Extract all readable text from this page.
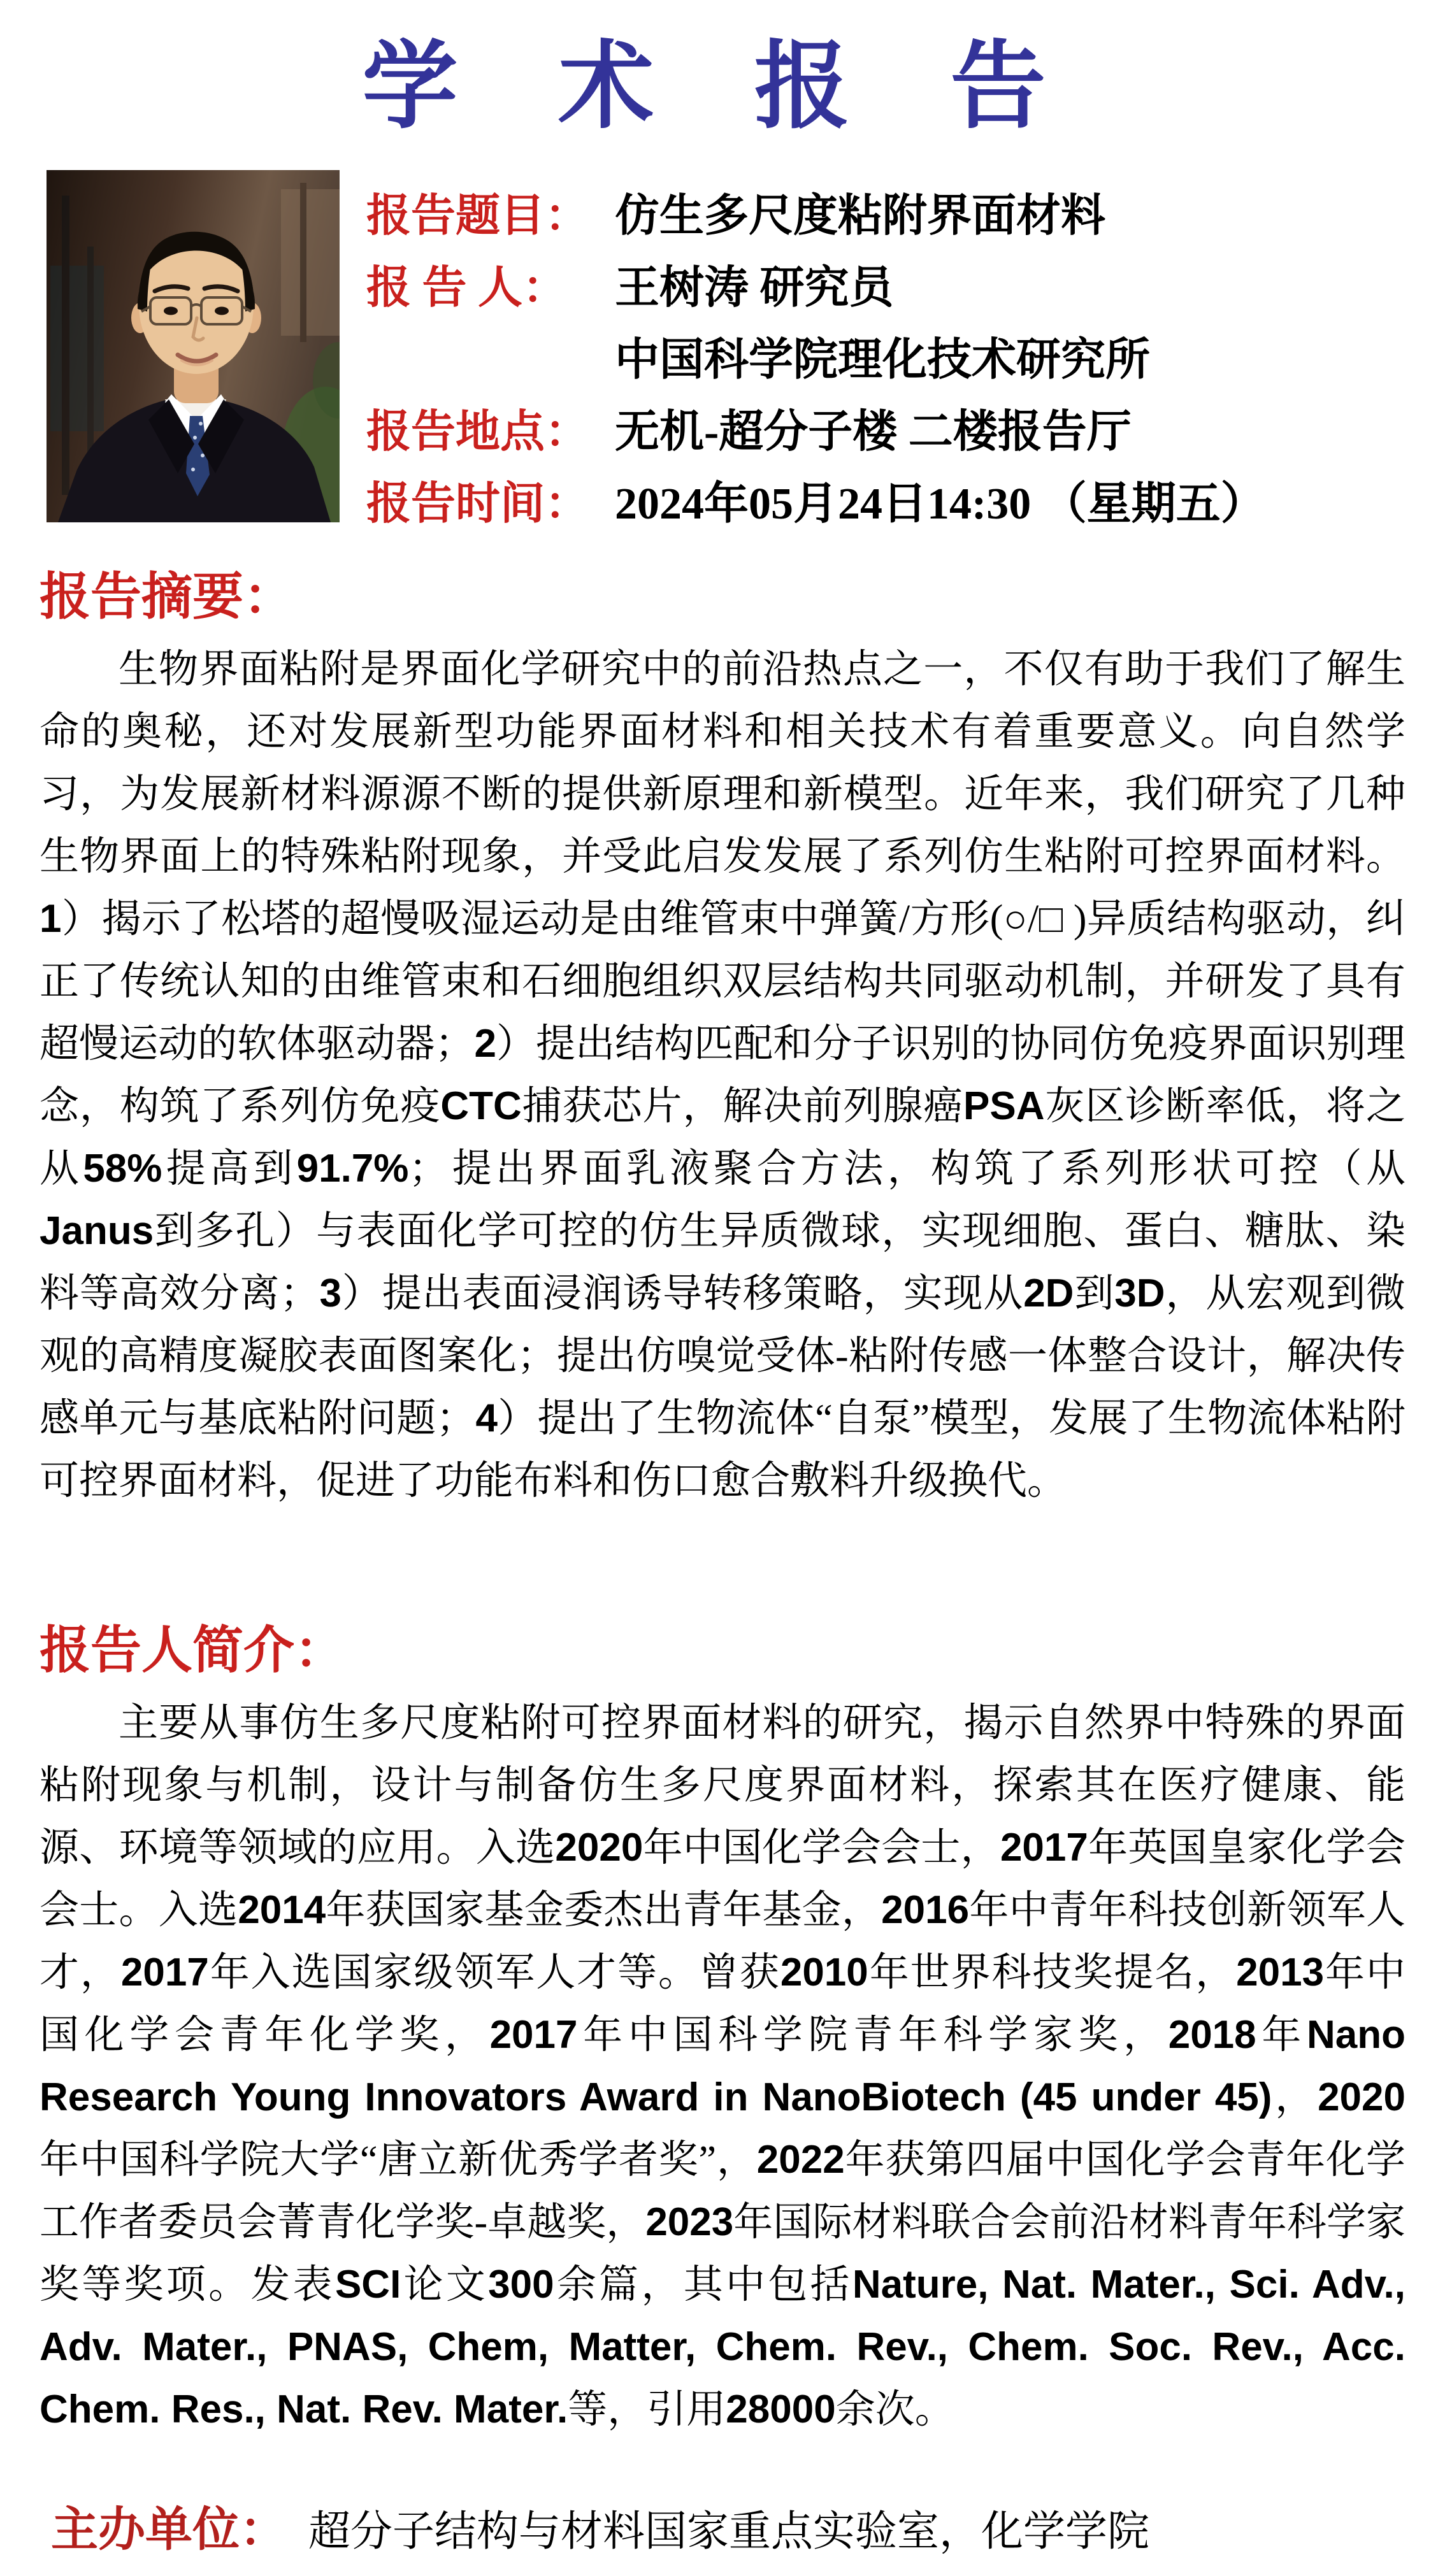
学 术 报 告
报告题目： 仿生多尺度粘附界面材料
报 告 人：	王树涛 研究员
中国科学院理化技术研究所
报告地点： 无机-超分子楼 二楼报告厅
报告时间： 2024年05月24日14:30 （星期五）
报告摘要：

生物界面粘附是界面化学研究中的前沿热点之一，不仅有助于我们了解生命的奥秘，还对发展新型功能界面材料和相关技术有着重要意义。向自然学习，为发展新材料源源不断的提供新原理和新模型。近年来，我们研究了几种生物界面上的特殊粘附现象，并受此启发发展了系列仿生粘附可控界面材料。1）揭示了松塔的超慢吸湿运动是由维管束中弹簧/方形(○/□ )异质结构驱动，纠正了传统认知的由维管束和石细胞组织双层结构共同驱动机制，并研发了具有超慢运动的软体驱动器；2）提出结构匹配和分子识别的协同仿免疫界面识别理念，构筑了系列仿免疫CTC捕获芯片，解决前列腺癌PSA灰区诊断率低，将之从58%提高到91.7%；提出界面乳液聚合方法，构筑了系列形状可控（从Janus到多孔）与表面化学可控的仿生异质微球，实现细胞、蛋白、糖肽、染料等高效分离；3）提出表面浸润诱导转移策略，实现从2D到3D，从宏观到微观的高精度凝胶表面图案化；提出仿嗅觉受体-粘附传感一体整合设计，解决传感单元与基底粘附问题；4）提出了生物流体“自泵”模型，发展了生物流体粘附可控界面材料，促进了功能布料和伤口愈合敷料升级换代。

报告人简介：

主要从事仿生多尺度粘附可控界面材料的研究，揭示自然界中特殊的界面粘附现象与机制，设计与制备仿生多尺度界面材料，探索其在医疗健康、能源、环境等领域的应用。入选2020年中国化学会会士，2017年英国皇家化学会会士。入选2014年获国家基金委杰出青年基金，2016年中青年科技创新领军人才，2017年入选国家级领军人才等。曾获2010年世界科技奖提名，2013年中国化学会青年化学奖，2017年中国科学院青年科学家奖，2018年Nano Research Young Innovators Award in NanoBiotech (45 under 45)，2020年中国科学院大学“唐立新优秀学者奖”，2022年获第四届中国化学会青年化学工作者委员会菁青化学奖-卓越奖，2023年国际材料联合会前沿材料青年科学家奖等奖项。发表SCI论文300余篇，其中包括Nature, Nat. Mater., Sci. Adv., Adv. Mater., PNAS, Chem, Matter, Chem. Rev., Chem. Soc. Rev., Acc. Chem. Res., Nat. Rev. Mater.等，引用28000余次。

主办单位： 超分子结构与材料国家重点实验室，化学学院
